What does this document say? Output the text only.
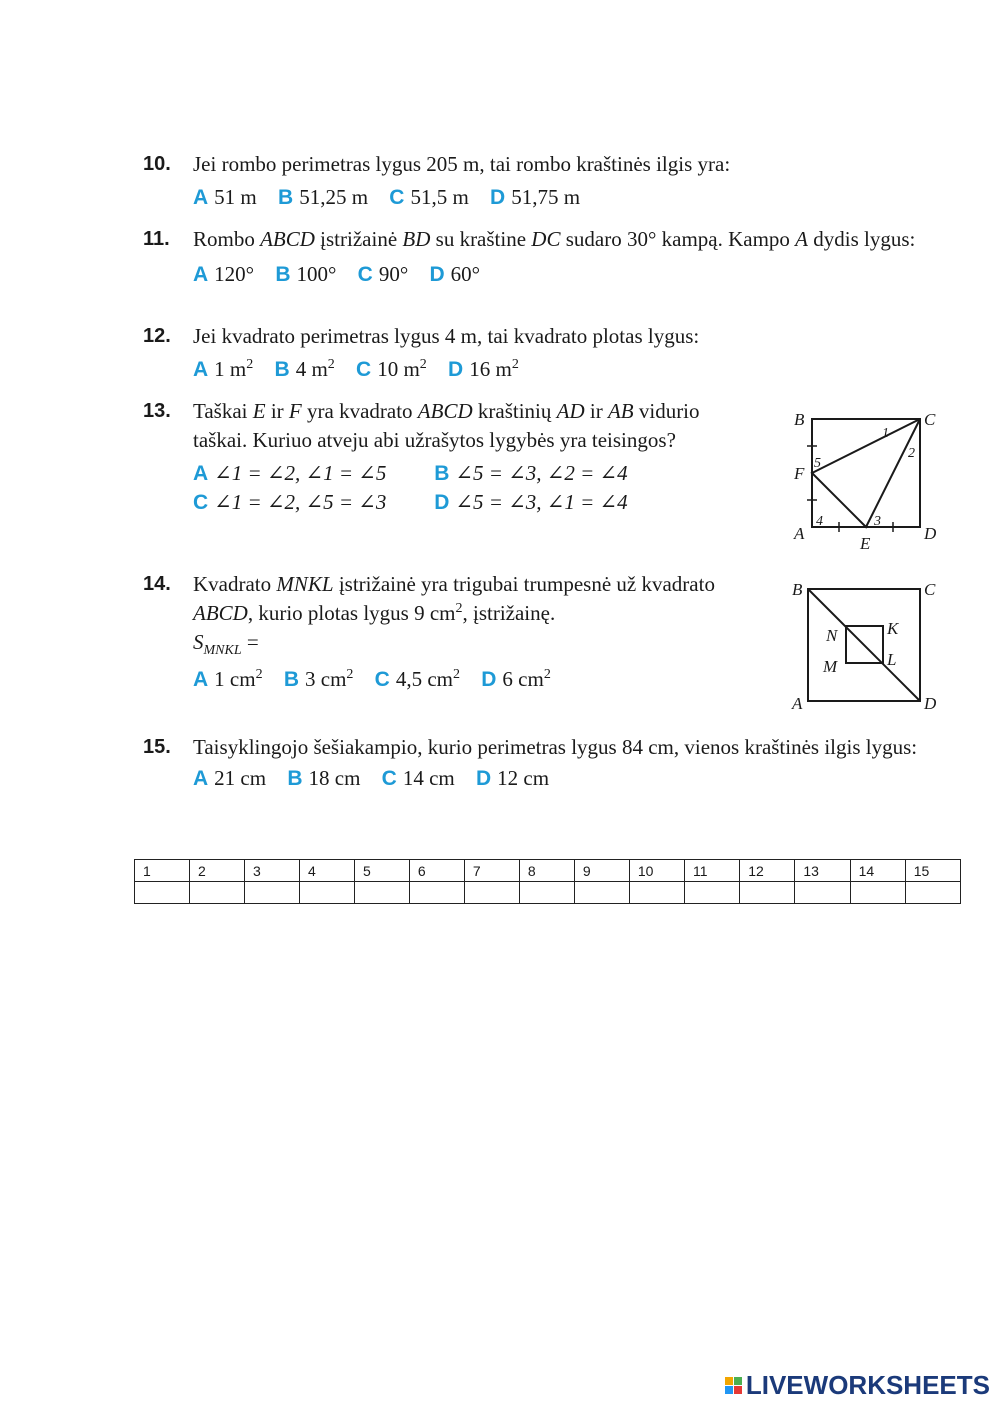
10. Jei rombo perimetras lygus 205 m, tai rombo kraštinės ilgis yra:
A 51 m B 51,25 m C 51,5 m D 51,75 m
11. Rombo ABCD įstrižainė BD su kraštine DC sudaro 30° kampą. Kampo A dydis lygus:
A 120° B 100° C 90° D 60°
12. Jei kvadrato perimetras lygus 4 m, tai kvadrato plotas lygus:
A 1 $m^2$ B 4 $m^2$ C 10 $m^2$ D 16 $m^2$
13. Taškai E ir F yra kvadrato ABCD kraštinių AD ir AB vidurio taškai. Kuriuo atveju abi užrašytos lygybės yra teisingos?
A ∠1 = ∠2, ∠1 = ∠5 B ∠5 = ∠3, ∠2 = ∠4
C ∠1 = ∠2, ∠5 = ∠3 D ∠5 = ∠3, ∠1 = ∠4
B	C
A	D
E
F
1
2
3
4
5
14. Kvadrato MNKL įstrižainė yra trigubai trumpesnė už kvadrato ABCD, kurio plotas lygus 9 $cm^2$, įstrižainę.
$S_{MNKL}$ =
A 1 $cm^2$ B 3 $cm^2$ C 4,5 $cm^2$ D 6 $cm^2$
B	C
A	D
N	K
M	L
15. Taisyklingojo šešiakampio, kurio perimetras lygus 84 cm, vienos kraštinės ilgis lygus:
A 21 cm B 18 cm C 14 cm D 12 cm
1	2	3	4	5	6	7	8	9	10	11	12	13	14	15

LIVEWORKSHEETS
